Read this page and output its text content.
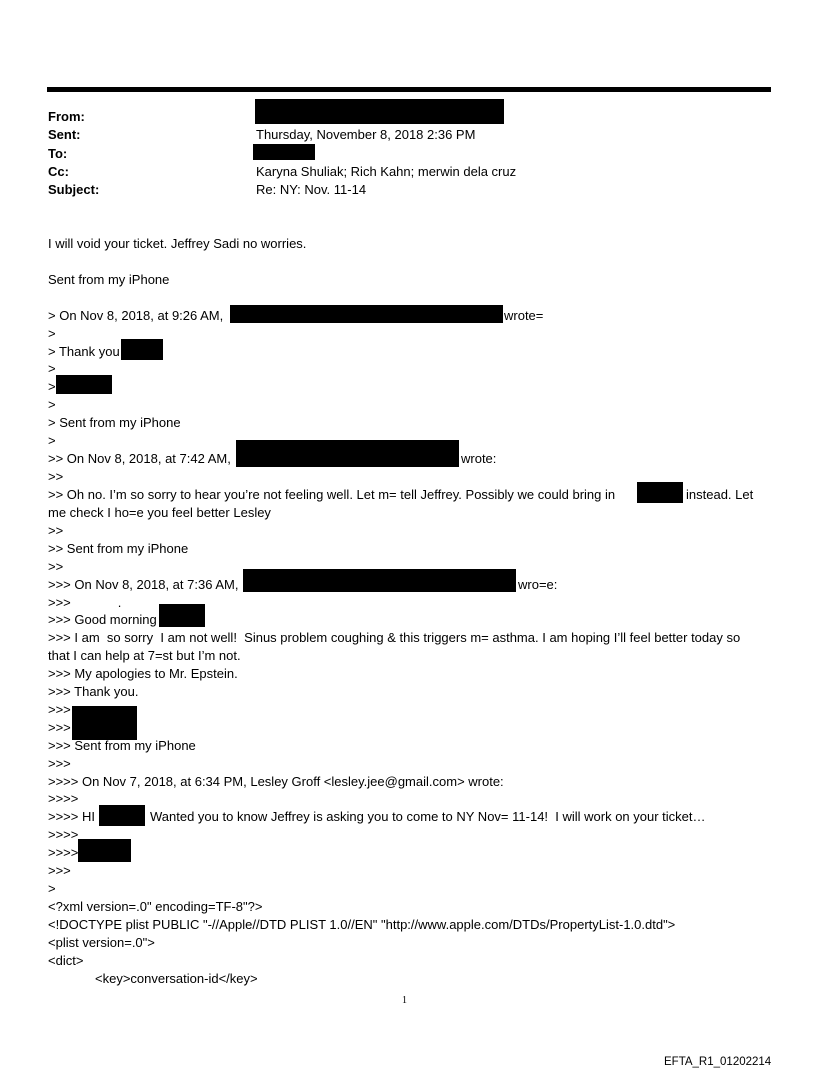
From:
Sent:	Thursday, November 8, 2018 2:36 PM
To:
Cc:	Karyna Shuliak; Rich Kahn; merwin dela cruz
Subject:	Re: NY: Nov. 11-14
I will void your ticket. Jeffrey Sadi no worries.
Sent from my iPhone
> On Nov 8, 2018, at 9:26 AM,	wrote=
>
> Thank you
>
>
>
> Sent from my iPhone
>
>> On Nov 8, 2018, at 7:42 AM,	wrote:
>>
>> Oh no. I’m so sorry to hear you’re not feeling well. Let m= tell Jeffrey. Possibly we could bring in	instead. Let
me check I ho=e you feel better Lesley
>>
>> Sent from my iPhone
>>
>>> On Nov 8, 2018, at 7:36 AM,	wro=e:
>>>             .
>>> Good morning
>>> I am  so sorry  I am not well!  Sinus problem coughing & this triggers m= asthma. I am hoping I’ll feel better today so
that I can help at 7=st but I’m not.
>>> My apologies to Mr. Epstein.
>>> Thank you.
>>>
>>>
>>> Sent from my iPhone
>>>
>>>> On Nov 7, 2018, at 6:34 PM, Lesley Groff <lesley.jee@gmail.com> wrote:
>>>>
>>>> HI	Wanted you to know Jeffrey is asking you to come to NY Nov= 11-14!  I will work on your ticket…
>>>>
>>>>
>>>
>
<?xml version=.0" encoding=TF-8"?>
<!DOCTYPE plist PUBLIC "-//Apple//DTD PLIST 1.0//EN" "http://www.apple.com/DTDs/PropertyList-1.0.dtd">
<plist version=.0">
<dict>
<key>conversation-id</key>
1
EFTA_R1_01202214
